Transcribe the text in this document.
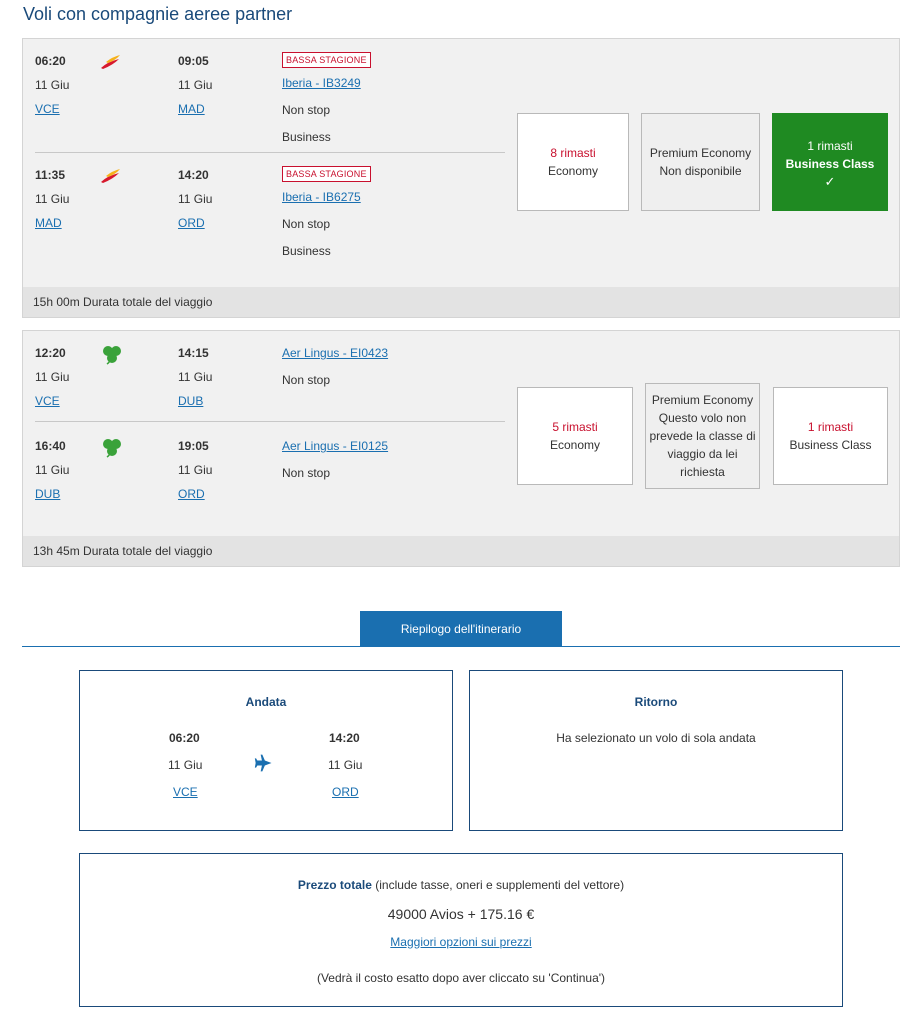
Voli con compagnie aeree partner
06:20	09:05	BASSA STAGIONE
11 Giu	11 Giu	Iberia - IB3249
VCE	MAD	Non stop
Business
11:35	14:20	BASSA STAGIONE
11 Giu	11 Giu	Iberia - IB6275
MAD	ORD	Non stop
Business
8 rimasti
Economy
Premium Economy
Non disponibile
1 rimasti
Business Class
✓
15h 00m Durata totale del viaggio
12:20	14:15	Aer Lingus - EI0423
11 Giu	11 Giu	Non stop
VCE	DUB
16:40	19:05	Aer Lingus - EI0125
11 Giu	11 Giu	Non stop
DUB	ORD
5 rimasti
Economy
Premium Economy
Questo volo non prevede la classe di viaggio da lei richiesta
1 rimasti
Business Class
13h 45m Durata totale del viaggio
Riepilogo dell'itinerario
Andata
06:20	14:20
11 Giu	11 Giu
VCE	ORD
Ritorno
Ha selezionato un volo di sola andata
Prezzo totale (include tasse, oneri e supplementi del vettore)
49000 Avios + 175.16 €
Maggiori opzioni sui prezzi
(Vedrà il costo esatto dopo aver cliccato su 'Continua')
